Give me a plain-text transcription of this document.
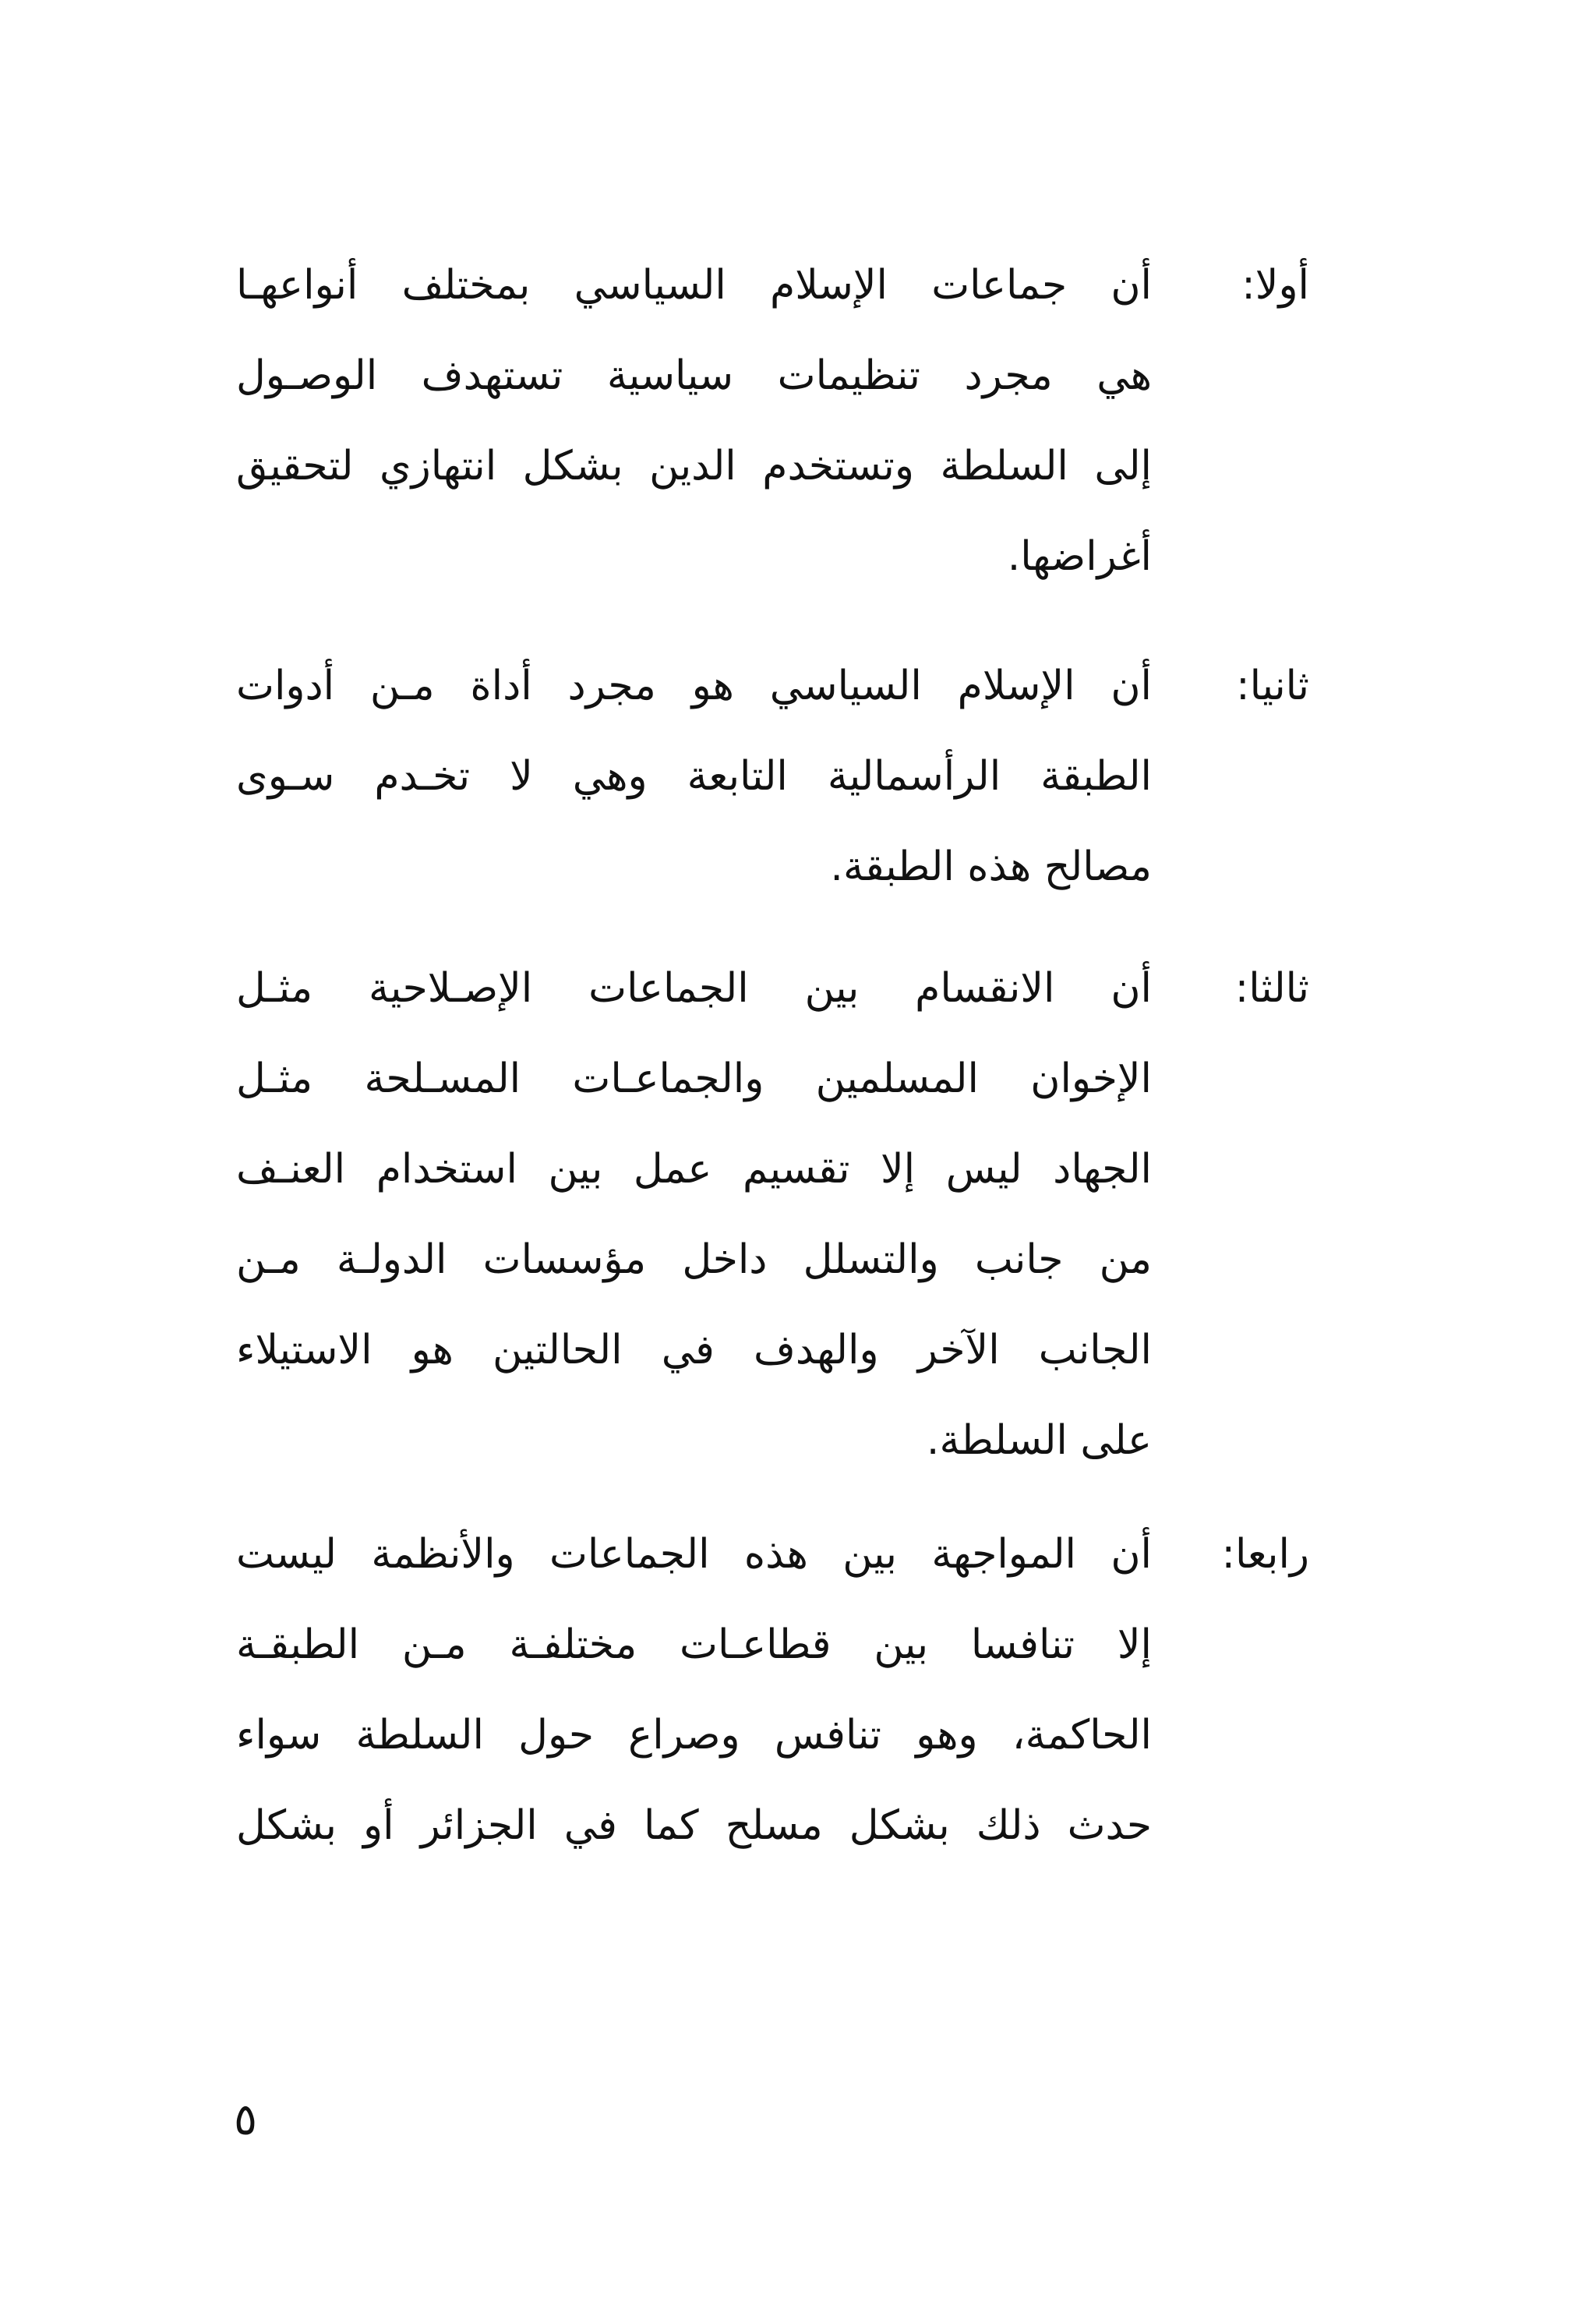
أولا:
أن جماعات الإسلام السياسي بمختلف أنواعهـا
هي مجرد تنظيمات سياسية تستهدف الوصـول
إلى السلطة وتستخدم الدين بشكل انتهازي لتحقيق
أغراضها.
ثانيا:
أن الإسلام السياسي هو مجرد أداة مـن أدوات
الطبقة الرأسمالية التابعة وهي لا تخـدم سـوى
مصالح هذه الطبقة.
ثالثا:
أن الانقسام بين الجماعات الإصـلاحية مثـل
الإخوان المسلمين والجماعـات المسـلحة مثـل
الجهاد ليس إلا تقسيم عمل بين استخدام العنـف
من جانب والتسلل داخل مؤسسات الدولـة مـن
الجانب الآخر والهدف في الحالتين هو الاستيلاء
على السلطة.
رابعا:
أن المواجهة بين هذه الجماعات والأنظمة ليست
إلا تنافسا بين قطاعـات مختلفـة مـن الطبقـة
الحاكمة، وهو تنافس وصراع حول السلطة سواء
حدث ذلك بشكل مسلح كما في الجزائر أو بشكل
٥
